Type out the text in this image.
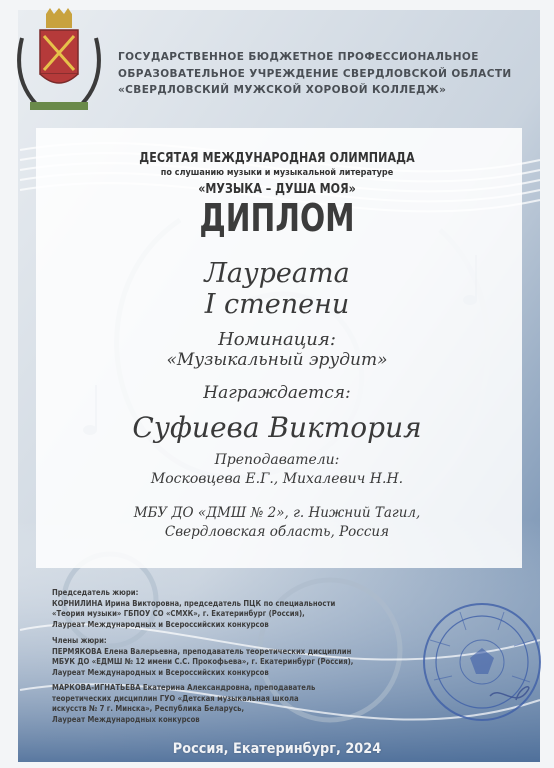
ГОСУДАРСТВЕННОЕ БЮДЖЕТНОЕ ПРОФЕССИОНАЛЬНОЕ
ОБРАЗОВАТЕЛЬНОЕ УЧРЕЖДЕНИЕ СВЕРДЛОВСКОЙ ОБЛАСТИ
«СВЕРДЛОВСКИЙ МУЖСКОЙ ХОРОВОЙ КОЛЛЕДЖ»
ДЕСЯТАЯ МЕЖДУНАРОДНАЯ ОЛИМПИАДА
по слушанию музыки и музыкальной литературе
«МУЗЫКА – ДУША МОЯ»
ДИПЛОМ
Лауреата
I степени
Номинация:
«Музыкальный эрудит»
Награждается:
Суфиева Виктория
Преподаватели:
Московцева Е.Г., Михалевич Н.Н.
МБУ ДО «ДМШ № 2», г. Нижний Тагил,
Свердловская область, Россия
Председатель жюри:
КОРНИЛИНА Ирина Викторовна, председатель ПЦК по специальности
«Теория музыки» ГБПОУ СО «СМХК», г. Екатеринбург (Россия),
Лауреат Международных и Всероссийских конкурсов
Члены жюри:
ПЕРМЯКОВА Елена Валерьевна, преподаватель теоретических дисциплин
МБУК ДО «ЕДМШ № 12 имени С.С. Прокофьева», г. Екатеринбург (Россия),
Лауреат Международных и Всероссийских конкурсов
МАРКОВА-ИГНАТЬЕВА Екатерина Александровна, преподаватель
теоретических дисциплин ГУО «Детская музыкальная школа
искусств № 7 г. Минска», Республика Беларусь,
Лауреат Международных конкурсов
Россия, Екатеринбург, 2024
